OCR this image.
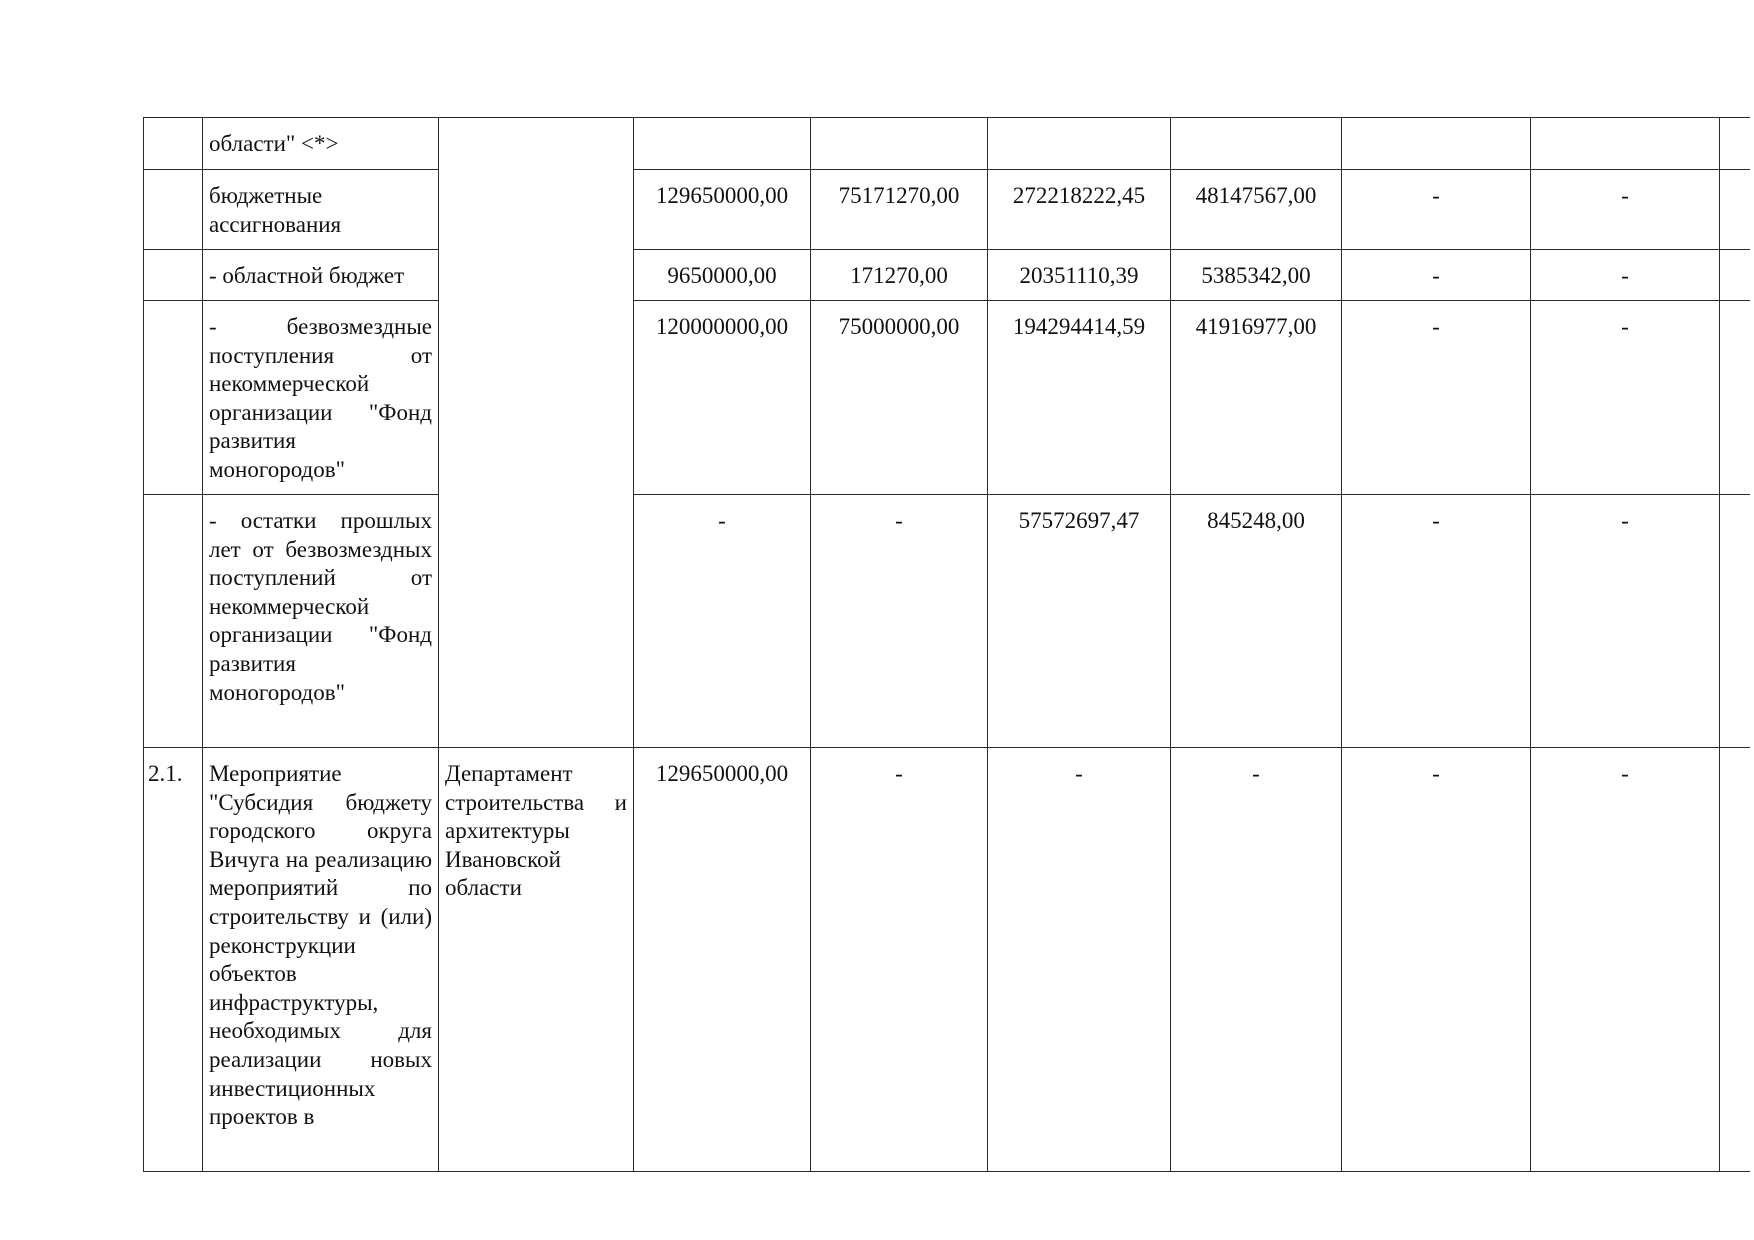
	области" <*>								

	бюджетные ассигнования		129650000,00	75171270,00	272218222,45	48147567,00	-	-	
	- областной бюджет		9650000,00	171270,00	20351110,39	5385342,00	-	-	
	- безвозмездные поступления от некоммерческой организации "Фонд развития моногородов"		120000000,00	75000000,00	194294414,59	41916977,00	-	-	
	- остатки прошлых лет от безвозмездных поступлений от некоммерческой организации "Фонд развития моногородов"		-	-	57572697,47	845248,00	-	-	
2.1.	Мероприятие "Субсидия бюджету городского округа Вичуга на реализацию мероприятий по строительству и (или) реконструкции объектов инфраструктуры, необходимых для реализации новых инвестиционных проектов в	Департамент строительства и архитектуры Ивановской области	129650000,00	-	-	-	-	-	
